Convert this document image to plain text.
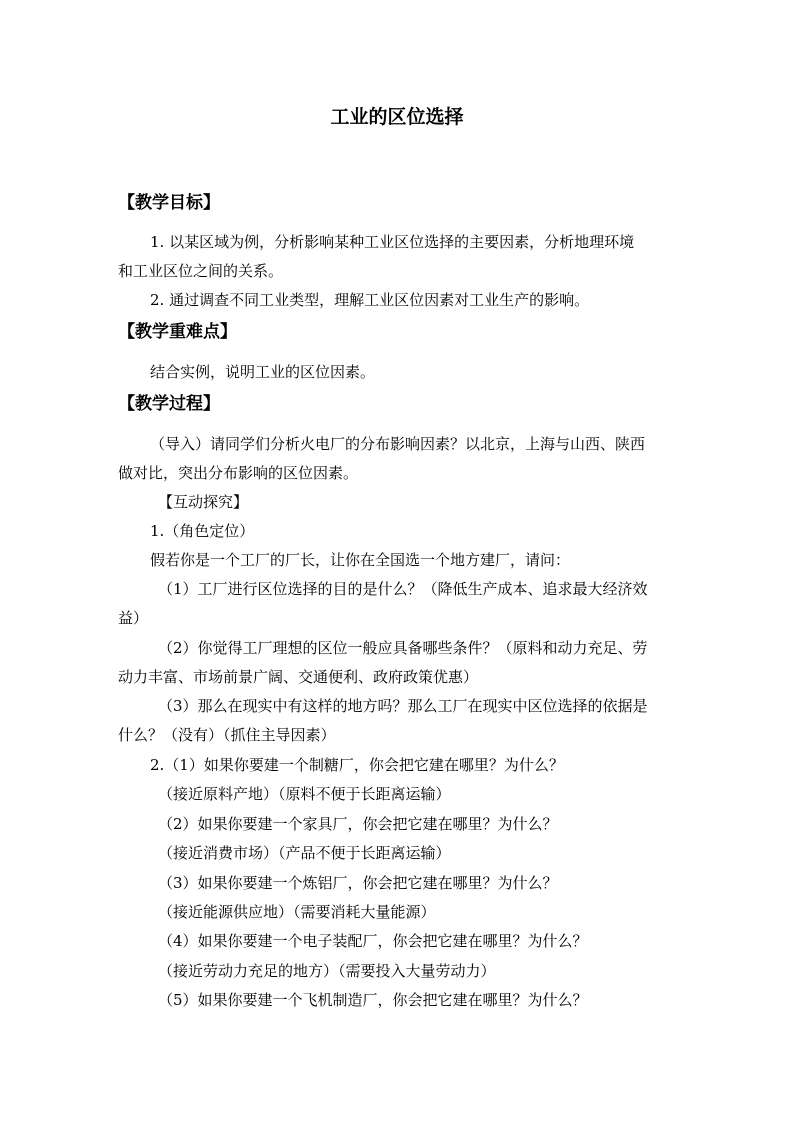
工业的区位选择
【教学目标】
1. 以某区域为例，分析影响某种工业区位选择的主要因素，分析地理环境
和工业区位之间的关系。
2. 通过调查不同工业类型，理解工业区位因素对工业生产的影响。
【教学重难点】
结合实例，说明工业的区位因素。
【教学过程】
（导入）请同学们分析火电厂的分布影响因素？以北京，上海与山西、陕西
做对比，突出分布影响的区位因素。
【互动探究】
1.（角色定位）
假若你是一个工厂的厂长，让你在全国选一个地方建厂，请问：
（1）工厂进行区位选择的目的是什么？（降低生产成本、追求最大经济效
益）
（2）你觉得工厂理想的区位一般应具备哪些条件？（原料和动力充足、劳
动力丰富、市场前景广阔、交通便利、政府政策优惠）
（3）那么在现实中有这样的地方吗？那么工厂在现实中区位选择的依据是
什么？（没有）（抓住主导因素）
2.（1）如果你要建一个制糖厂，你会把它建在哪里？为什么？
（接近原料产地）（原料不便于长距离运输）
（2）如果你要建一个家具厂，你会把它建在哪里？为什么？
（接近消费市场）（产品不便于长距离运输）
（3）如果你要建一个炼铝厂，你会把它建在哪里？为什么？
（接近能源供应地）（需要消耗大量能源）
（4）如果你要建一个电子装配厂，你会把它建在哪里？为什么？
（接近劳动力充足的地方）（需要投入大量劳动力）
（5）如果你要建一个飞机制造厂，你会把它建在哪里？为什么？
